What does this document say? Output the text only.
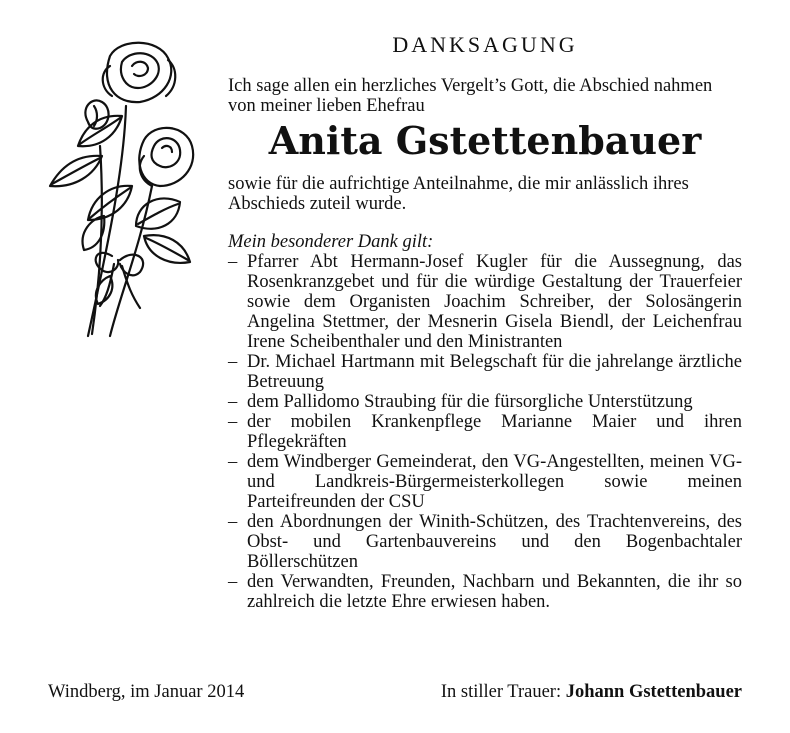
DANKSAGUNG
Ich sage allen ein herzliches Vergelt’s Gott, die Abschied nahmen von meiner lieben Ehefrau
Anita Gstettenbauer
sowie für die aufrichtige Anteilnahme, die mir anlässlich ihres Abschieds zuteil wurde.
Mein besonderer Dank gilt:
– Pfarrer Abt Hermann-Josef Kugler für die Aussegnung, das Rosenkranzgebet und für die würdige Gestaltung der Trauerfeier sowie dem Organisten Joachim Schreiber, der Solosängerin Angelina Stettmer, der Mesnerin Gisela Biendl, der Leichenfrau Irene Scheibenthaler und den Ministranten
– Dr. Michael Hartmann mit Belegschaft für die jahrelange ärztliche Betreuung
– dem Pallidomo Straubing für die fürsorgliche Unterstützung
– der mobilen Krankenpflege Marianne Maier und ihren Pflegekräften
– dem Windberger Gemeinderat, den VG-Angestellten, meinen VG- und Landkreis-Bürgermeisterkollegen sowie meinen Parteifreunden der CSU
– den Abordnungen der Winith-Schützen, des Trachtenvereins, des Obst- und Gartenbauvereins und den Bogenbachtaler Böllerschützen
– den Verwandten, Freunden, Nachbarn und Bekannten, die ihr so zahlreich die letzte Ehre erwiesen haben.
Windberg, im Januar 2014	In stiller Trauer: Johann Gstettenbauer
